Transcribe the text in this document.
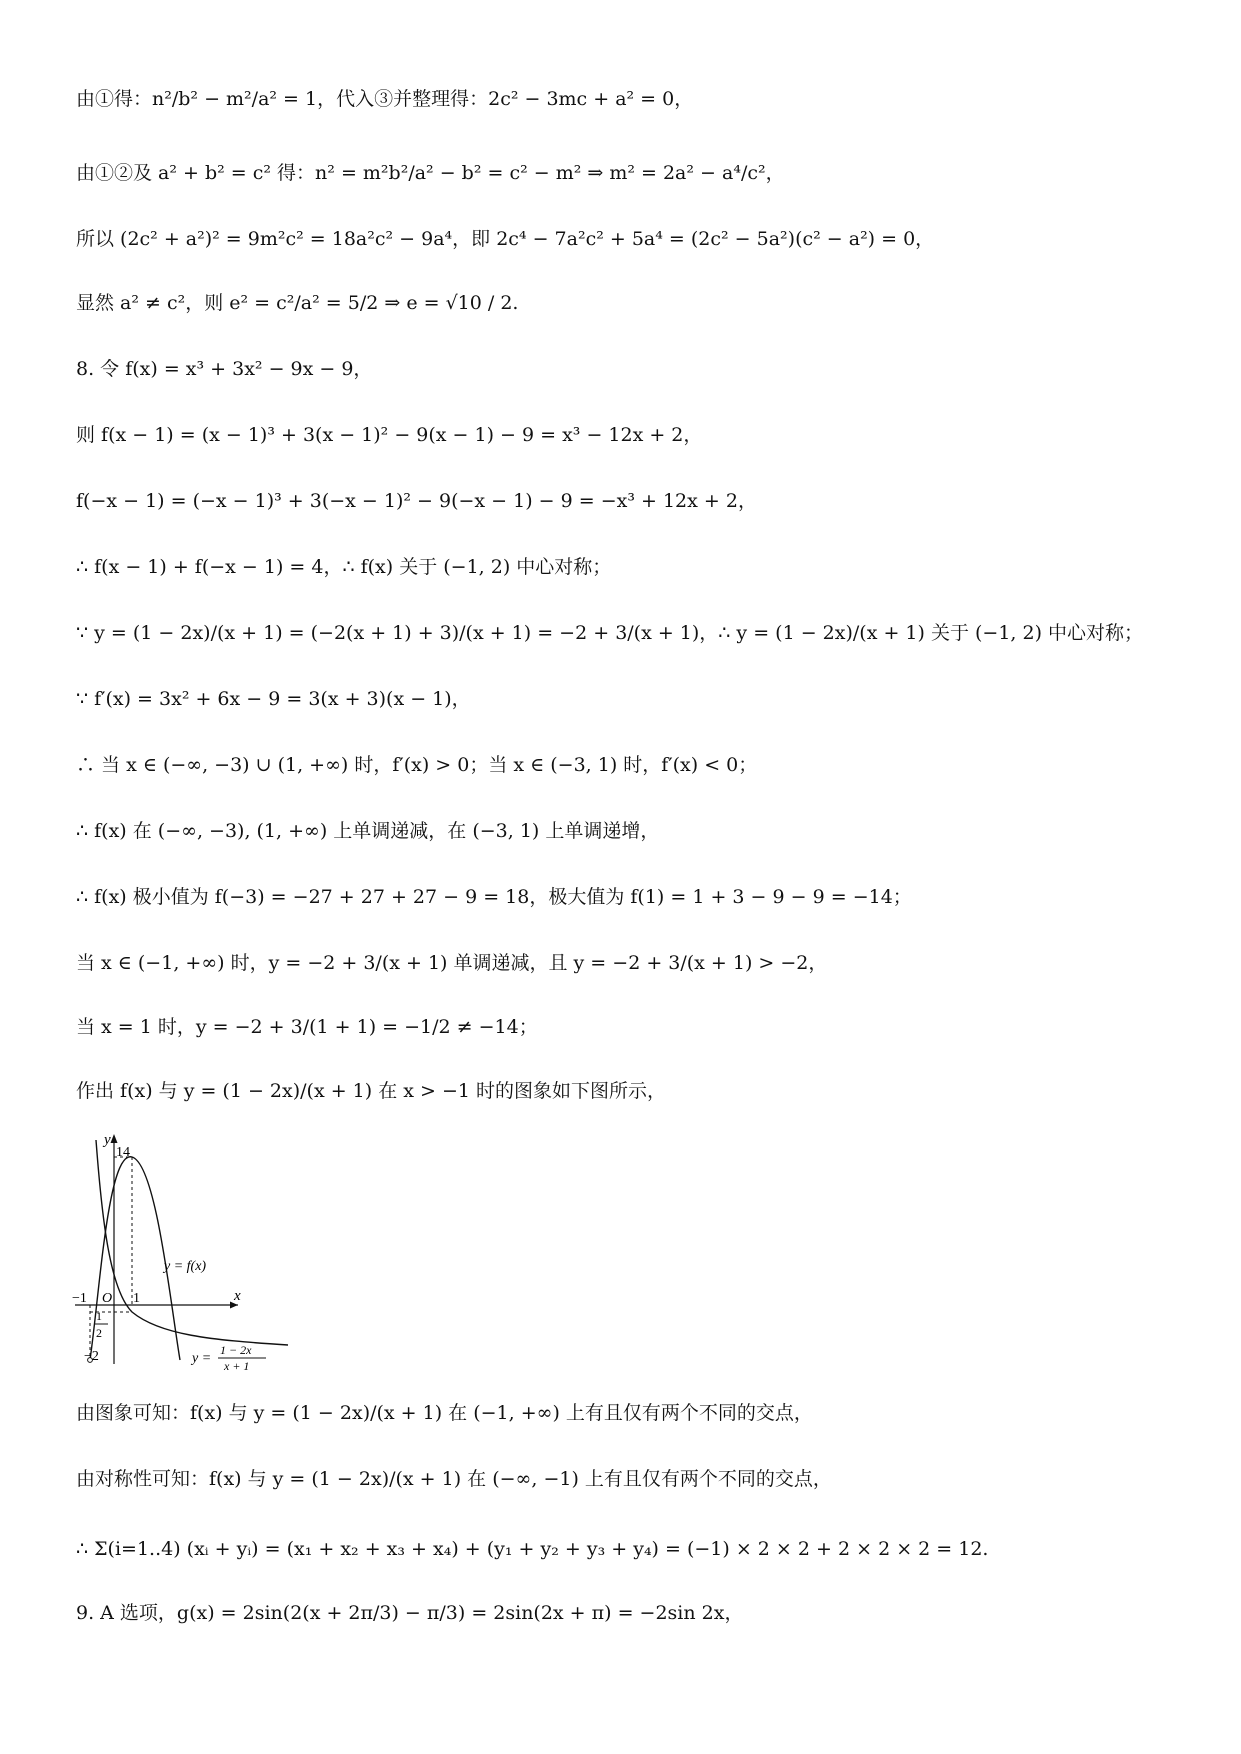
由①得：n²/b² − m²/a² = 1，代入③并整理得：2c² − 3mc + a² = 0，
由①②及 a² + b² = c² 得：n² = m²b²/a² − b² = c² − m² ⇒ m² = 2a² − a⁴/c²，
所以 (2c² + a²)² = 9m²c² = 18a²c² − 9a⁴，即 2c⁴ − 7a²c² + 5a⁴ = (2c² − 5a²)(c² − a²) = 0，
显然 a² ≠ c²，则 e² = c²/a² = 5/2 ⇒ e = √10 / 2.
8. 令 f(x) = x³ + 3x² − 9x − 9，
则 f(x − 1) = (x − 1)³ + 3(x − 1)² − 9(x − 1) − 9 = x³ − 12x + 2，
f(−x − 1) = (−x − 1)³ + 3(−x − 1)² − 9(−x − 1) − 9 = −x³ + 12x + 2，
∴ f(x − 1) + f(−x − 1) = 4，∴ f(x) 关于 (−1, 2) 中心对称；
∵ y = (1 − 2x)/(x + 1) = (−2(x + 1) + 3)/(x + 1) = −2 + 3/(x + 1)，∴ y = (1 − 2x)/(x + 1) 关于 (−1, 2) 中心对称；
∵ f′(x) = 3x² + 6x − 9 = 3(x + 3)(x − 1)，
∴ 当 x ∈ (−∞, −3) ∪ (1, +∞) 时，f′(x) > 0；当 x ∈ (−3, 1) 时，f′(x) < 0；
∴ f(x) 在 (−∞, −3), (1, +∞) 上单调递减，在 (−3, 1) 上单调递增，
∴ f(x) 极小值为 f(−3) = −27 + 27 + 27 − 9 = 18，极大值为 f(1) = 1 + 3 − 9 − 9 = −14；
当 x ∈ (−1, +∞) 时，y = −2 + 3/(x + 1) 单调递减，且 y = −2 + 3/(x + 1) > −2，
当 x = 1 时，y = −2 + 3/(1 + 1) = −1/2 ≠ −14；
作出 f(x) 与 y = (1 − 2x)/(x + 1) 在 x > −1 时的图象如下图所示，
y
x
14
y = f(x)
−1 O 1
1
2
−2	y =
1 − 2x
x + 1
由图象可知：f(x) 与 y = (1 − 2x)/(x + 1) 在 (−1, +∞) 上有且仅有两个不同的交点，
由对称性可知：f(x) 与 y = (1 − 2x)/(x + 1) 在 (−∞, −1) 上有且仅有两个不同的交点，
∴ Σ(i=1..4) (xᵢ + yᵢ) = (x₁ + x₂ + x₃ + x₄) + (y₁ + y₂ + y₃ + y₄) = (−1) × 2 × 2 + 2 × 2 × 2 = 12.
9. A 选项，g(x) = 2sin(2(x + 2π/3) − π/3) = 2sin(2x + π) = −2sin 2x，
